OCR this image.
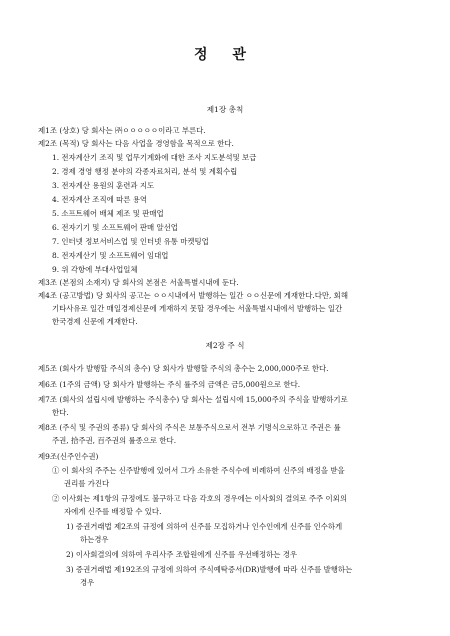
정 관
제1장 총칙
제1조 (상호) 당 회사는 ㈜ㅇㅇㅇㅇㅇ이라고 부른다.
제2조 (목적) 당 회사는 다음 사업을 경영함을 목적으로 한다.
1. 전자계산기 조직 및 업무기계화에 대한 조사 지도분석및 보급
2. 경제 경영 행정 분야의 각종자료처리, 분석 및 계획수립
3. 전자계산 용원의 훈련과 지도
4. 전자계산 조직에 따른 용역
5. 소프트웨어 배체 제조 및 판매업
6. 전자기기 및 소프트웨어 판매 알선업
7. 인터넷 정보서비스업 및 인터넷 유통 마켓팅업
8. 전자계산기 및 소프트웨어 임대업
9. 위 각항에 부대사업일체
제3조 (본점의 소재지) 당 회사의 본점은 서울특별시내에 둔다.
제4조 (공고방법) 당 회사의 공고는 ㅇㅇ시내에서 발행하는 일간 ㅇㅇ신문에 게재한다.다만, 회해
기타사유로 일간 매일경제신문에 게재하지 못할 경우에는 서울특별시내에서 발행하는 일간
한국경제 신문에 게재한다.
제2장 주 식
제5조 (회사가 발행할 주식의 총수) 당 회사가 발행할 주식의 총수는 2,000,000주로 한다.
제6조 (1주의 금액) 당 회사가 발행하는 주식 률주의 금액은 금5,000원으로 한다.
제7조 (회사의 설립시에 발행하는 주식총수) 당 회사는 설립시에 15,000주의 주식을 발행하기로
한다.
제8조 (주식 및 주권의 종류) 당 회사의 주식은 보통주식으로서 전부 기명식으로하고 주권은 률
주권, 拾주권, 百주권의 률종으로 한다.
제9조(신주인수권)
① 이 회사의 주주는 신주발행에 있어서 그가 소유한 주식수에 비례하여 신주의 배정을 받을
권리를 가진다
② 이사회는 제1항의 규정에도 불구하고 다음 각호의 경우에는 이사회의 결의로 주주 이외의
자에게 신주를 배정할 수 있다.
1) 증권거래법 제2조의 규정에 의하여 신주를 모집하거나 인수인에게 신주를 인수하게
하는경우
2) 이사회결의에 의하여 우리사주 조합원에게 신주를 우선배정하는 경우
3) 증권거래법 제192조의 규정에 의하여 주식예탁증서(DR)발행에 따라 신주를 발행하는
경우
